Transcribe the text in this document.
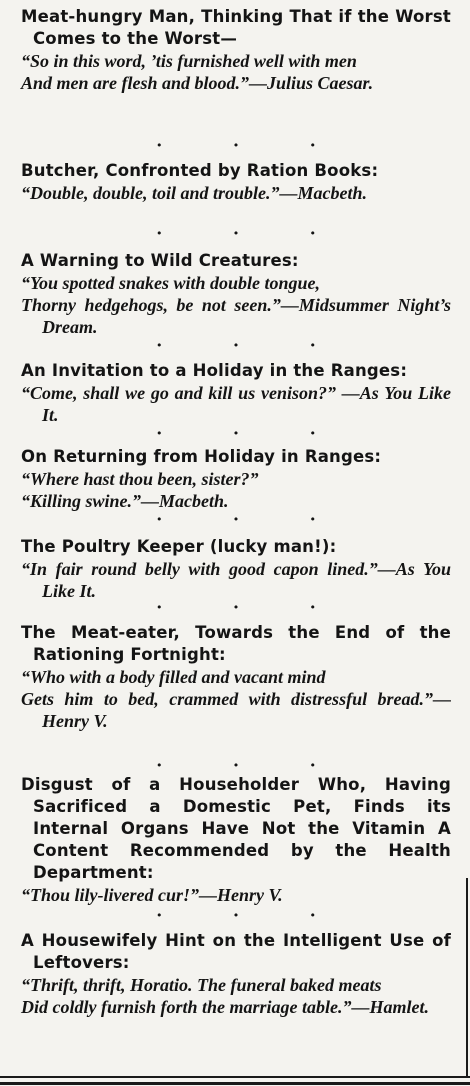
Meat-hungry Man, Thinking That if the Worst Comes to the Worst—
“So in this word, ’tis furnished well with men
And men are flesh and blood.”—Julius Caesar.
•	•	•
Butcher, Confronted by Ration Books:
“Double, double, toil and trouble.”—Macbeth.
•	•	•
A Warning to Wild Creatures:
“You spotted snakes with double tongue,
Thorny hedgehogs, be not seen.”—Midsummer Night’s Dream.
•	•	•
An Invitation to a Holiday in the Ranges:
“Come, shall we go and kill us venison?” —As You Like It.
•	•	•
On Returning from Holiday in Ranges:
“Where hast thou been, sister?”
“Killing swine.”—Macbeth.
•	•	•
The Poultry Keeper (lucky man!):
“In fair round belly with good capon lined.”—As You Like It.
•	•	•
The Meat-eater, Towards the End of the Rationing Fortnight:
“Who with a body filled and vacant mind
Gets him to bed, crammed with distressful bread.”—Henry V.
•	•	•
Disgust of a Householder Who, Having Sacrificed a Domestic Pet, Finds its Internal Organs Have Not the Vitamin A Content Recommended by the Health Department:
“Thou lily-livered cur!”—Henry V.
•	•	•
A Housewifely Hint on the Intelligent Use of Leftovers:
“Thrift, thrift, Horatio. The funeral baked meats
Did coldly furnish forth the marriage table.”—Hamlet.
